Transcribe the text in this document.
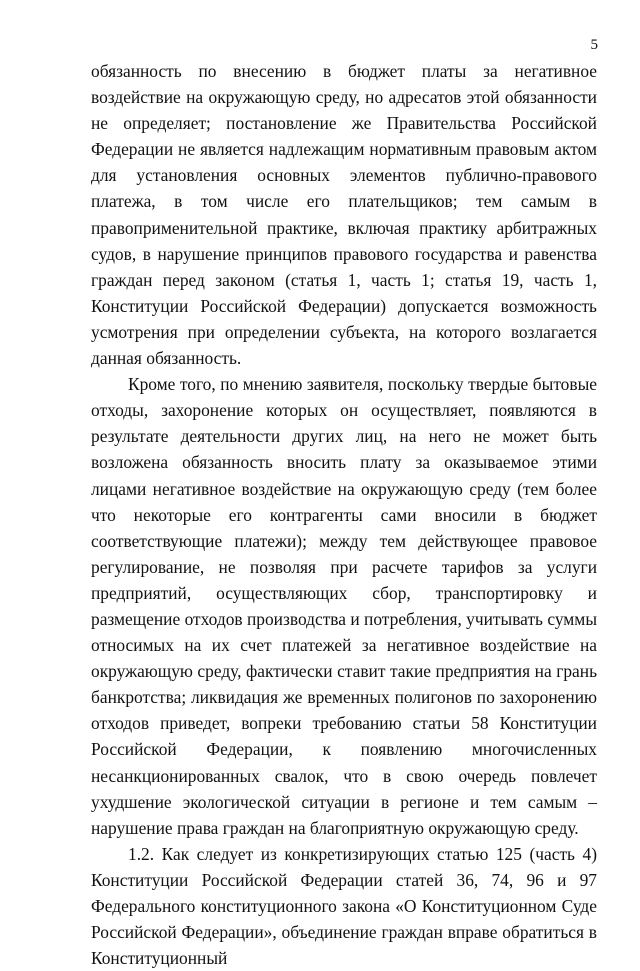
5

обязанность по внесению в бюджет платы за негативное воздействие на окружающую среду, но адресатов этой обязанности не определяет; постановление же Правительства Российской Федерации не является надлежащим нормативным правовым актом для установления основных элементов публично-правового платежа, в том числе его плательщиков; тем самым в правоприменительной практике, включая практику арбитражных судов, в нарушение принципов правового государства и равенства граждан перед законом (статья 1, часть 1; статья 19, часть 1, Конституции Российской Федерации) допускается возможность усмотрения при определении субъекта, на которого возлагается данная обязанность.

Кроме того, по мнению заявителя, поскольку твердые бытовые отходы, захоронение которых он осуществляет, появляются в результате деятельности других лиц, на него не может быть возложена обязанность вносить плату за оказываемое этими лицами негативное воздействие на окружающую среду (тем более что некоторые его контрагенты сами вносили в бюджет соответствующие платежи); между тем действующее правовое регулирование, не позволяя при расчете тарифов за услуги предприятий, осуществляющих сбор, транспортировку и размещение отходов производства и потребления, учитывать суммы относимых на их счет платежей за негативное воздействие на окружающую среду, фактически ставит такие предприятия на грань банкротства; ликвидация же временных полигонов по захоронению отходов приведет, вопреки требованию статьи 58 Конституции Российской Федерации, к появлению многочисленных несанкционированных свалок, что в свою очередь повлечет ухудшение экологической ситуации в регионе и тем самым – нарушение права граждан на благоприятную окружающую среду.

1.2. Как следует из конкретизирующих статью 125 (часть 4) Конституции Российской Федерации статей 36, 74, 96 и 97 Федерального конституционного закона «О Конституционном Суде Российской Федерации», объединение граждан вправе обратиться в Конституционный
